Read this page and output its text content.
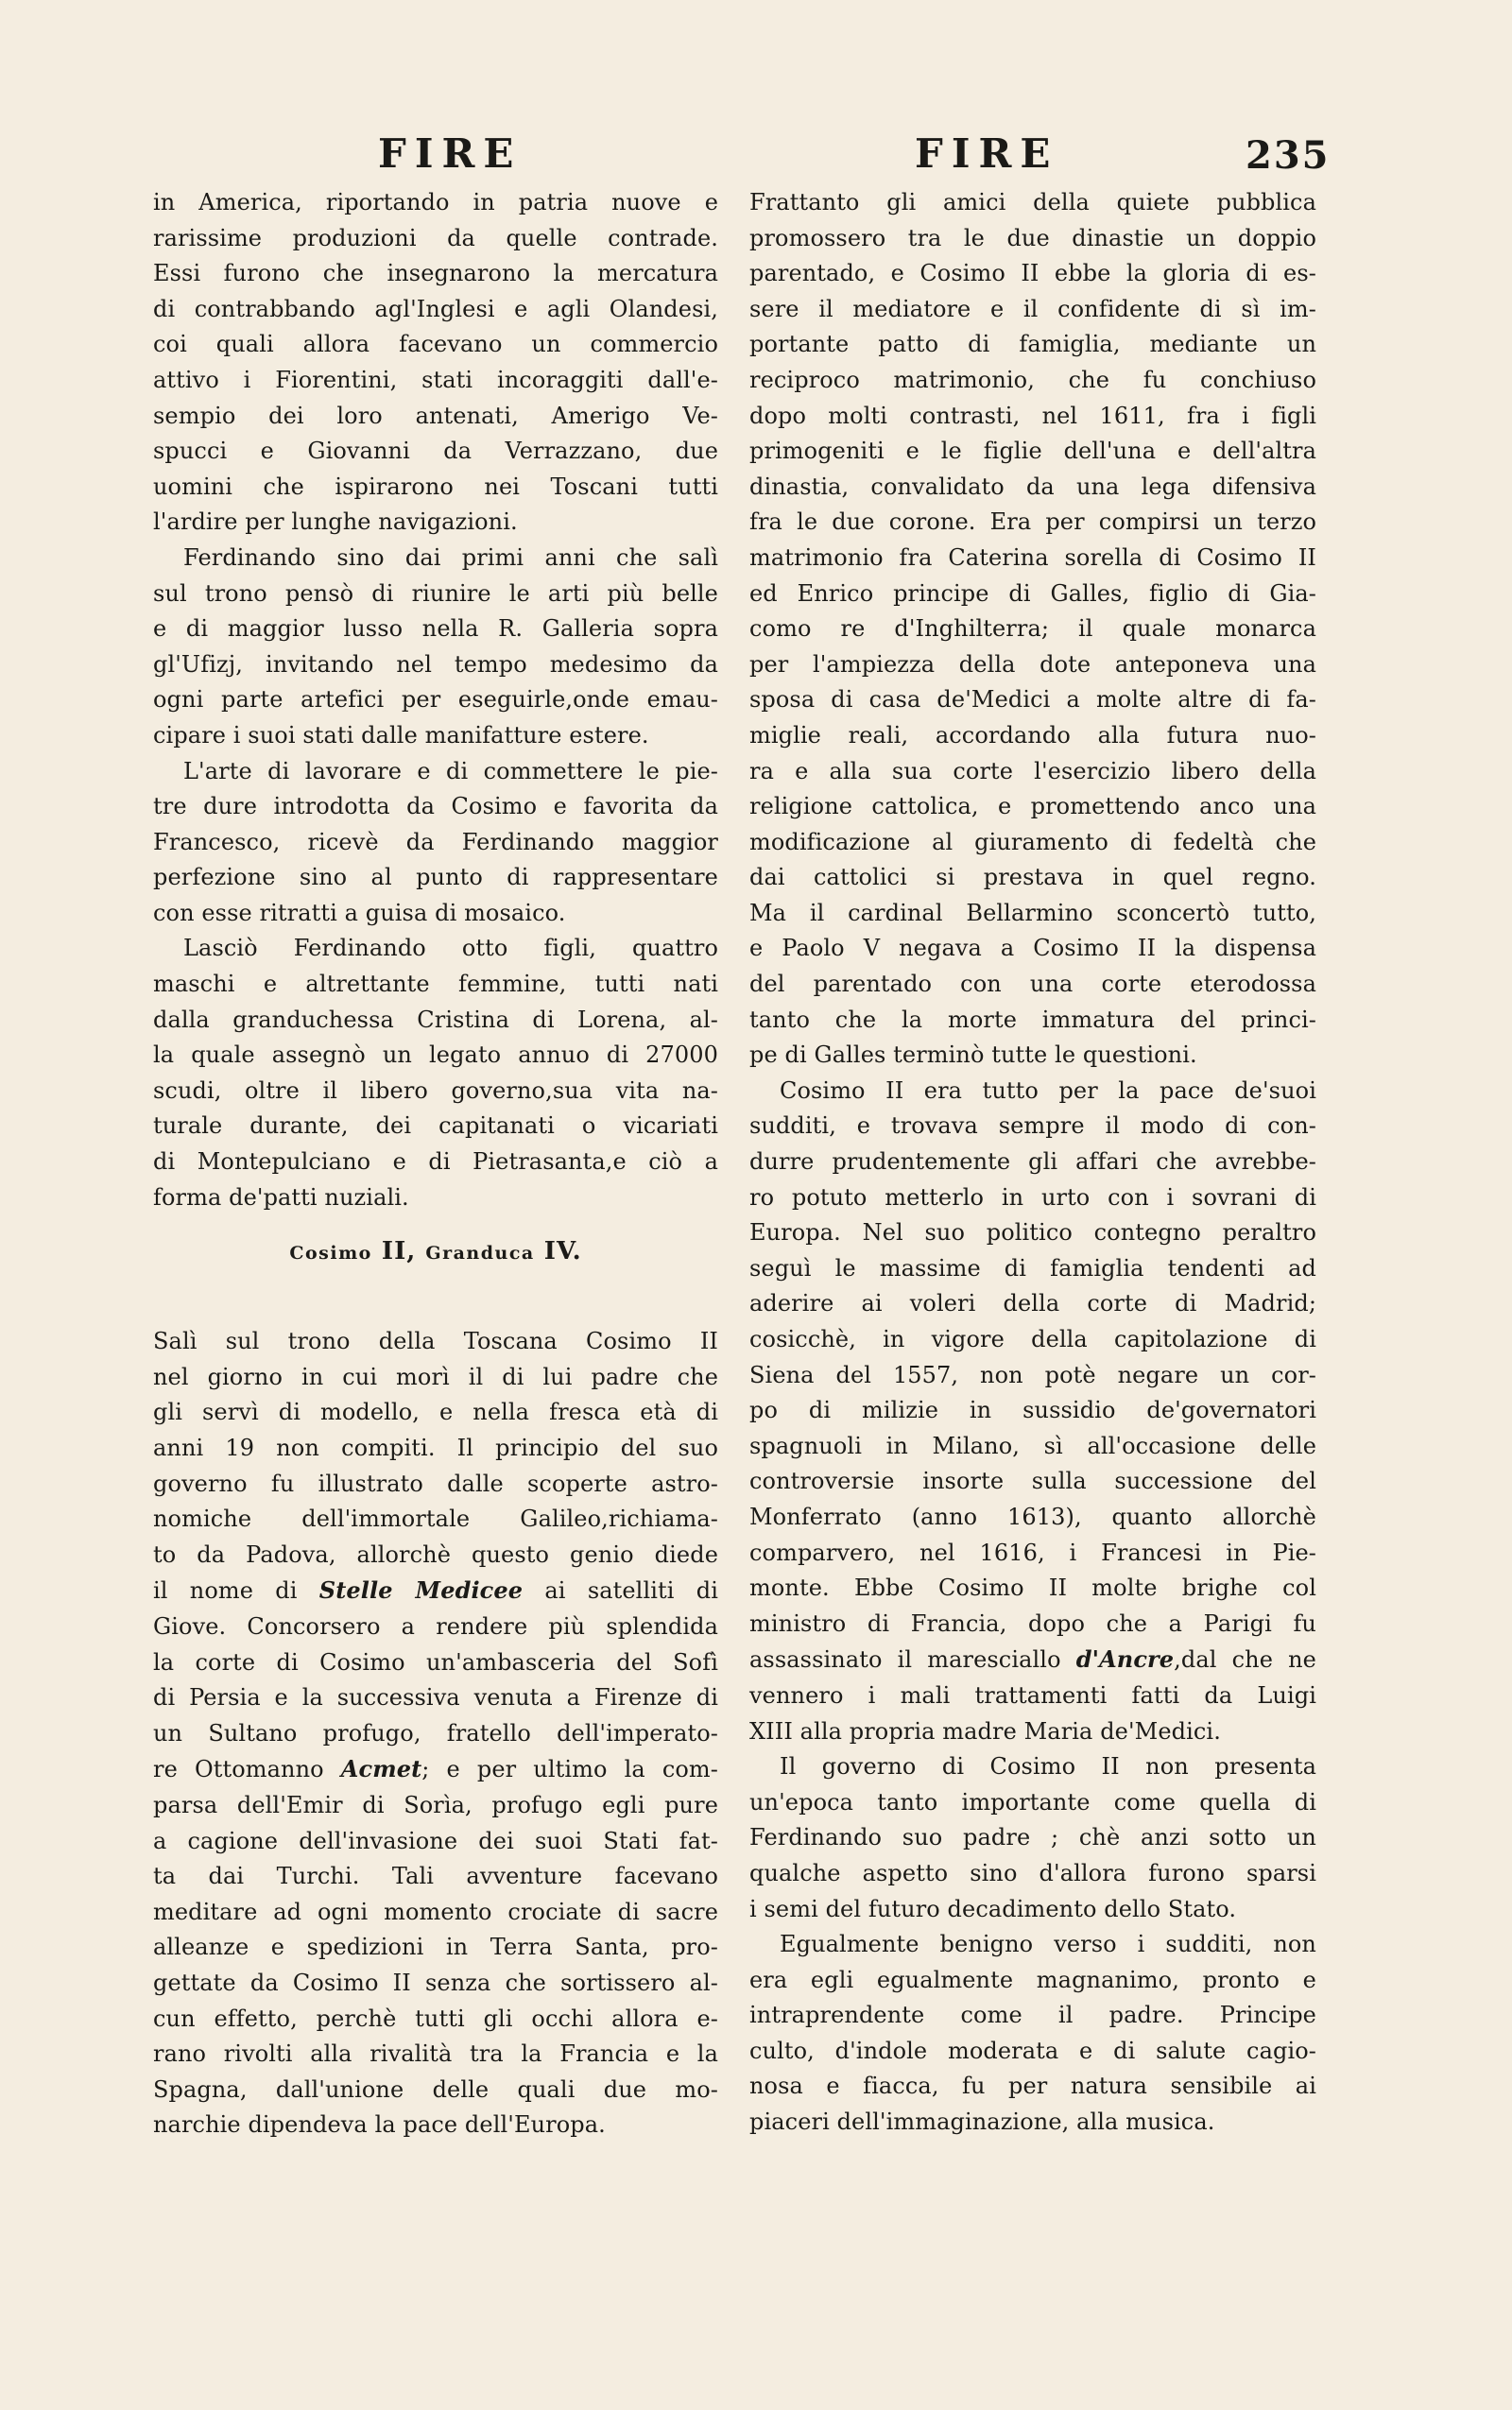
FIRE	FIRE	235

in America, riportando in patria nuove e

rarissime produzioni da quelle contrade.

Essi furono che insegnarono la mercatura

di contrabbando agl'Inglesi e agli Olandesi,

coi quali allora facevano un commercio

attivo i Fiorentini, stati incoraggiti dall'e-

sempio dei loro antenati, Amerigo Ve-

spucci e Giovanni da Verrazzano, due

uomini che ispirarono nei Toscani tutti

l'ardire per lunghe navigazioni.

Ferdinando sino dai primi anni che salì

sul trono pensò di riunire le arti più belle

e di maggior lusso nella R. Galleria sopra

gl'Ufizj, invitando nel tempo medesimo da

ogni parte artefici per eseguirle,onde emau-

cipare i suoi stati dalle manifatture estere.

L'arte di lavorare e di commettere le pie-

tre dure introdotta da Cosimo e favorita da

Francesco, ricevè da Ferdinando maggior

perfezione sino al punto di rappresentare

con esse ritratti a guisa di mosaico.

Lasciò Ferdinando otto figli, quattro

maschi e altrettante femmine, tutti nati

dalla granduchessa Cristina di Lorena, al-

la quale assegnò un legato annuo di 27000

scudi, oltre il libero governo,sua vita na-

turale durante, dei capitanati o vicariati

di Montepulciano e di Pietrasanta,e ciò a

forma de'patti nuziali.

Cosimo II, Granduca IV.

Salì sul trono della Toscana Cosimo II

nel giorno in cui morì il di lui padre che

gli servì di modello, e nella fresca età di

anni 19 non compiti. Il principio del suo

governo fu illustrato dalle scoperte astro-

nomiche dell'immortale Galileo,richiama-

to da Padova, allorchè questo genio diede

il nome di Stelle Medicee ai satelliti di

Giove. Concorsero a rendere più splendida

la corte di Cosimo un'ambasceria del Sofì

di Persia e la successiva venuta a Firenze di

un Sultano profugo, fratello dell'imperato-

re Ottomanno Acmet; e per ultimo la com-

parsa dell'Emir di Sorìa, profugo egli pure

a cagione dell'invasione dei suoi Stati fat-

ta dai Turchi. Tali avventure facevano

meditare ad ogni momento crociate di sacre

alleanze e spedizioni in Terra Santa, pro-

gettate da Cosimo II senza che sortissero al-

cun effetto, perchè tutti gli occhi allora e-

rano rivolti alla rivalità tra la Francia e la

Spagna, dall'unione delle quali due mo-

narchie dipendeva la pace dell'Europa.

Frattanto gli amici della quiete pubblica

promossero tra le due dinastie un doppio

parentado, e Cosimo II ebbe la gloria di es-

sere il mediatore e il confidente di sì im-

portante patto di famiglia, mediante un

reciproco matrimonio, che fu conchiuso

dopo molti contrasti, nel 1611, fra i figli

primogeniti e le figlie dell'una e dell'altra

dinastia, convalidato da una lega difensiva

fra le due corone. Era per compirsi un terzo

matrimonio fra Caterina sorella di Cosimo II

ed Enrico principe di Galles, figlio di Gia-

como re d'Inghilterra; il quale monarca

per l'ampiezza della dote anteponeva una

sposa di casa de'Medici a molte altre di fa-

miglie reali, accordando alla futura nuo-

ra e alla sua corte l'esercizio libero della

religione cattolica, e promettendo anco una

modificazione al giuramento di fedeltà che

dai cattolici si prestava in quel regno.

Ma il cardinal Bellarmino sconcertò tutto,

e Paolo V negava a Cosimo II la dispensa

del parentado con una corte eterodossa

tanto che la morte immatura del princi-

pe di Galles terminò tutte le questioni.

Cosimo II era tutto per la pace de'suoi

sudditi, e trovava sempre il modo di con-

durre prudentemente gli affari che avrebbe-

ro potuto metterlo in urto con i sovrani di

Europa. Nel suo politico contegno peraltro

seguì le massime di famiglia tendenti ad

aderire ai voleri della corte di Madrid;

cosicchè, in vigore della capitolazione di

Siena del 1557, non potè negare un cor-

po di milizie in sussidio de'governatori

spagnuoli in Milano, sì all'occasione delle

controversie insorte sulla successione del

Monferrato (anno 1613), quanto allorchè

comparvero, nel 1616, i Francesi in Pie-

monte. Ebbe Cosimo II molte brighe col

ministro di Francia, dopo che a Parigi fu

assassinato il maresciallo d'Ancre,dal che ne

vennero i mali trattamenti fatti da Luigi

XIII alla propria madre Maria de'Medici.

Il governo di Cosimo II non presenta

un'epoca tanto importante come quella di

Ferdinando suo padre ; chè anzi sotto un

qualche aspetto sino d'allora furono sparsi

i semi del futuro decadimento dello Stato.

Egualmente benigno verso i sudditi, non

era egli egualmente magnanimo, pronto e

intraprendente come il padre. Principe

culto, d'indole moderata e di salute cagio-

nosa e fiacca, fu per natura sensibile ai

piaceri dell'immaginazione, alla musica.
